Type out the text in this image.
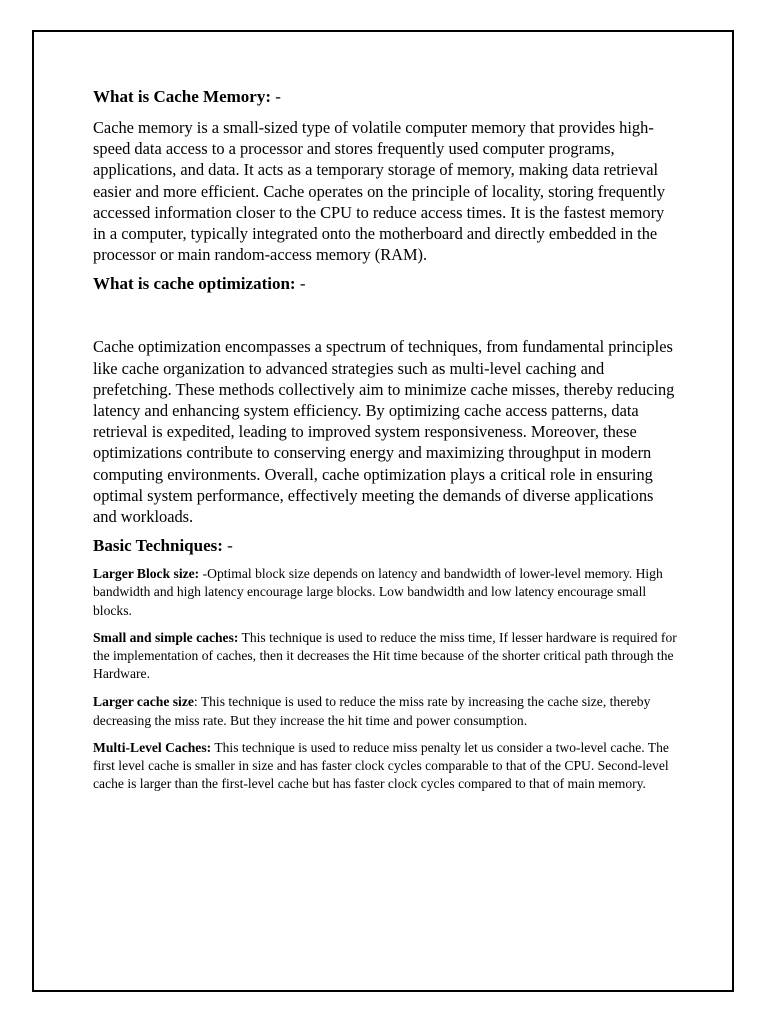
What is Cache Memory: -

Cache memory is a small-sized type of volatile computer memory that provides high-speed data access to a processor and stores frequently used computer programs, applications, and data. It acts as a temporary storage of memory, making data retrieval easier and more efficient. Cache operates on the principle of locality, storing frequently accessed information closer to the CPU to reduce access times. It is the fastest memory in a computer, typically integrated onto the motherboard and directly embedded in the processor or main random-access memory (RAM).

What is cache optimization: -

Cache optimization encompasses a spectrum of techniques, from fundamental principles like cache organization to advanced strategies such as multi-level caching and prefetching. These methods collectively aim to minimize cache misses, thereby reducing latency and enhancing system efficiency. By optimizing cache access patterns, data retrieval is expedited, leading to improved system responsiveness. Moreover, these optimizations contribute to conserving energy and maximizing throughput in modern computing environments. Overall, cache optimization plays a critical role in ensuring optimal system performance, effectively meeting the demands of diverse applications and workloads.

Basic Techniques: -

Larger Block size: -Optimal block size depends on latency and bandwidth of lower-level memory. High bandwidth and high latency encourage large blocks. Low bandwidth and low latency encourage small blocks.

Small and simple caches: This technique is used to reduce the miss time, If lesser hardware is required for the implementation of caches, then it decreases the Hit time because of the shorter critical path through the Hardware.

Larger cache size: This technique is used to reduce the miss rate by increasing the cache size, thereby decreasing the miss rate. But they increase the hit time and power consumption.

Multi-Level Caches: This technique is used to reduce miss penalty let us consider a two-level cache. The first level cache is smaller in size and has faster clock cycles comparable to that of the CPU. Second-level cache is larger than the first-level cache but has faster clock cycles compared to that of main memory.
